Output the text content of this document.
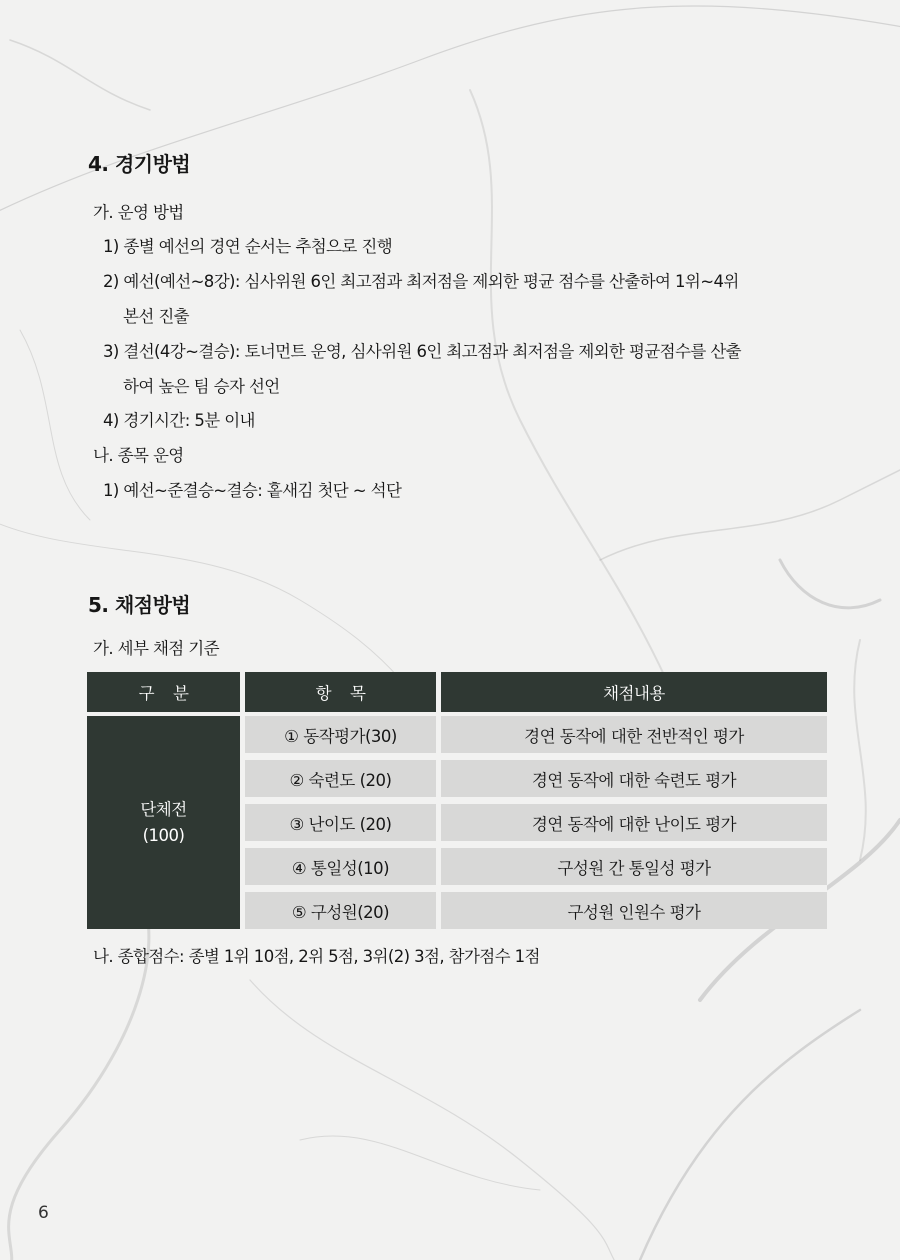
4. 경기방법
가. 운영 방법
1) 종별 예선의 경연 순서는 추첨으로 진행
2) 예선(예선~8강): 심사위원 6인 최고점과 최저점을 제외한 평균 점수를 산출하여 1위~4위
본선 진출
3) 결선(4강~결승): 토너먼트 운영, 심사위원 6인 최고점과 최저점을 제외한 평균점수를 산출
하여 높은 팀 승자 선언
4) 경기시간: 5분 이내
나. 종목 운영
1) 예선~준결승~결승: 홑새김 첫단 ~ 석단
5. 채점방법
가. 세부 채점 기준
구    분	항    목	채점내용

단체전
(100)	① 동작평가(30)	경연 동작에 대한 전반적인 평가
	② 숙련도 (20)	경연 동작에 대한 숙련도 평가
	③ 난이도 (20)	경연 동작에 대한 난이도 평가
	④ 통일성(10)	구성원 간 통일성 평가
	⑤ 구성원(20)	구성원 인원수 평가
나. 종합점수: 종별 1위 10점, 2위 5점, 3위(2) 3점, 참가점수 1점
6
